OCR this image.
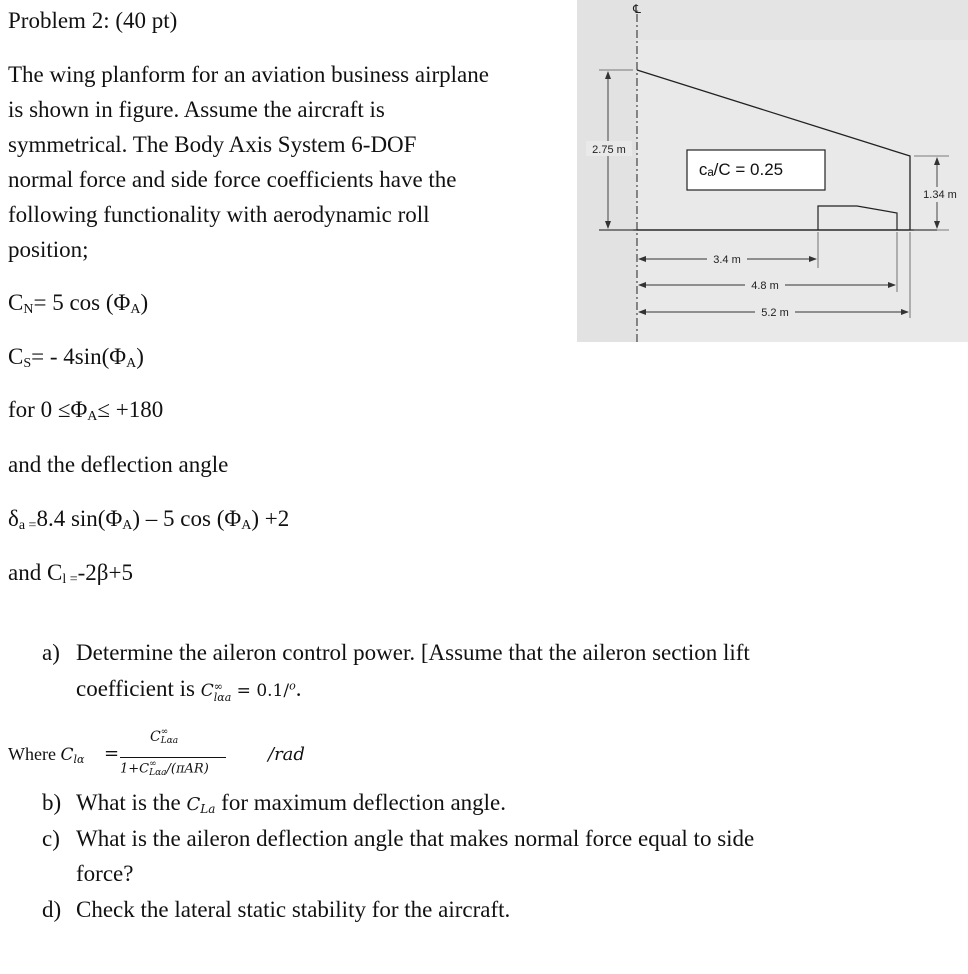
Problem 2: (40 pt)
The wing planform for an aviation business airplane
is shown in figure. Assume the aircraft is
symmetrical. The Body Axis System 6-DOF
normal force and side force coefficients have the
following functionality with aerodynamic roll
position;
$C_N= 5$ $\cos (\Phi_A)$
$C_S= - 4\sin(\Phi_A)$
for $0 \le\Phi_A\le +180$
and the deflection angle
$\delta_{a =}8.4$ $\sin(\Phi_A) - 5$ $\cos (\Phi_A) +2$
and $C_{l =}-2\beta+5$
a) Determine the aileron control power. [Assume that the aileron section lift
coefficient is C ∞
lαa = 0.1/$^o$.
Where $C_{l\alpha}$ =
C ∞
Lαa
1+C ∞
Lαa /(πAR)
/rad
b) What is the $C_{La}$ for maximum deflection angle.
c) What is the aileron deflection angle that makes normal force equal to side
force?
d) Check the lateral static stability for the aircraft.
℄
2.75 m
1.34 m
cₐ/C = 0.25
3.4 m
4.8 m
5.2 m
